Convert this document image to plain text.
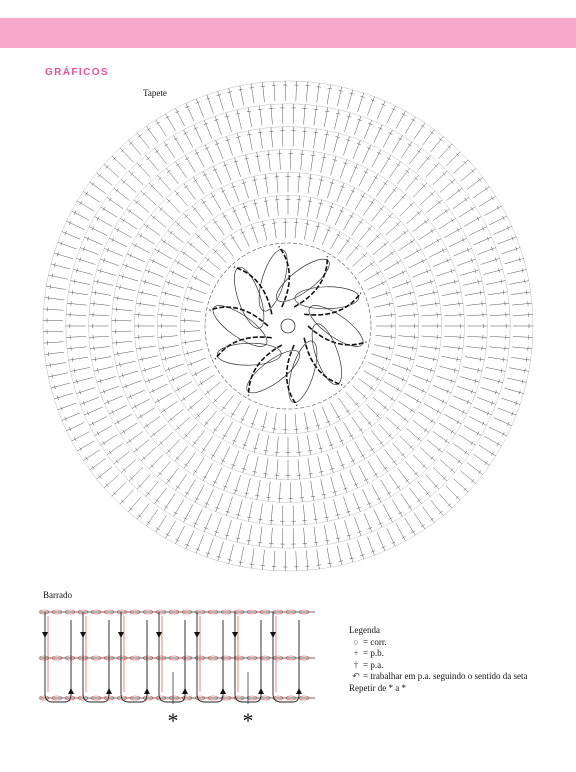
GRÁFICOS
Tapete
Barrado
*	*
Legenda
○ = corr.
+ = p.b.
† = p.a.
↶ = trabalhar em p.a. seguindo o sentido da seta
Repetir de * a *
